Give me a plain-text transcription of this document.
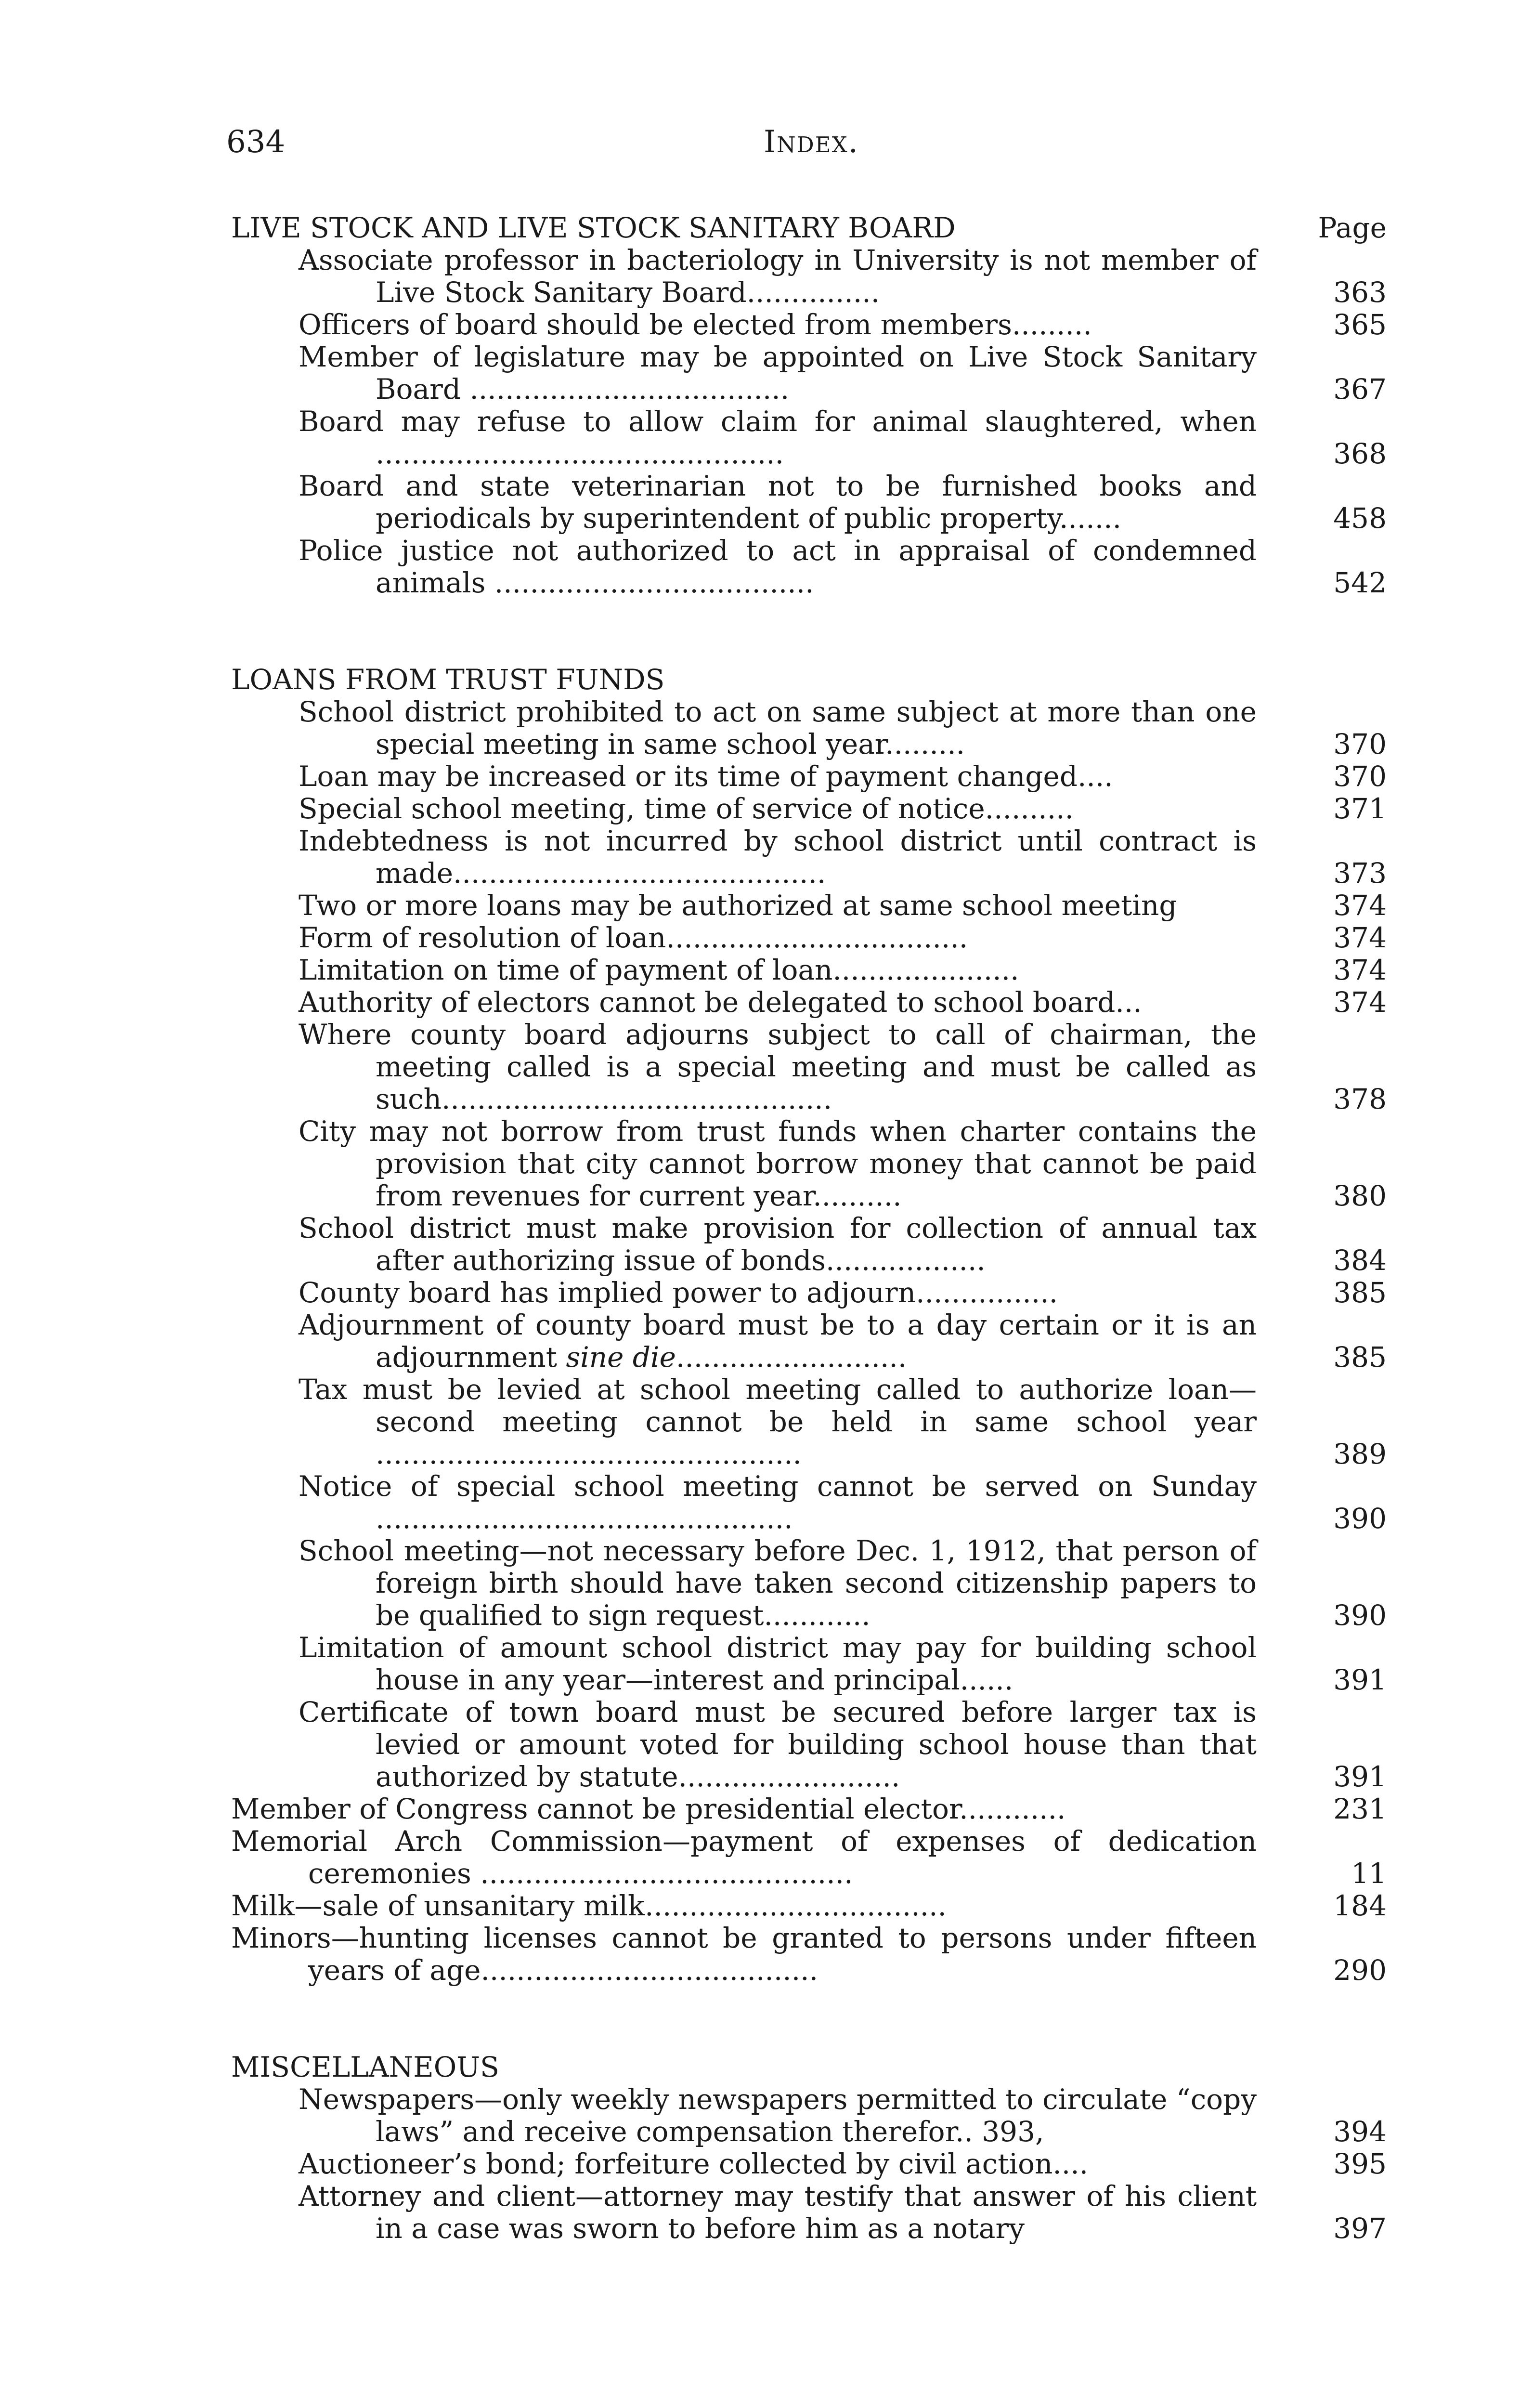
634	Index.
LIVE STOCK AND LIVE STOCK SANITARY BOARD	Page
Associate professor in bacteriology in University is not member of Live Stock Sanitary Board...............	363
Officers of board should be elected from members.........	365
Member of legislature may be appointed on Live Stock Sanitary Board ....................................	367
Board may refuse to allow claim for animal slaughtered, when ..............................................	368
Board and state veterinarian not to be furnished books and periodicals by superintendent of public property.......	458
Police justice not authorized to act in appraisal of condemned animals ....................................	542
LOANS FROM TRUST FUNDS
School district prohibited to act on same subject at more than one special meeting in same school year.........	370
Loan may be increased or its time of payment changed....	370
Special school meeting, time of service of notice..........	371
Indebtedness is not incurred by school district until contract is made..........................................	373
Two or more loans may be authorized at same school meeting	374
Form of resolution of loan..................................	374
Limitation on time of payment of loan.....................	374
Authority of electors cannot be delegated to school board...	374
Where county board adjourns subject to call of chairman, the meeting called is a special meeting and must be called as such............................................	378
City may not borrow from trust funds when charter contains the provision that city cannot borrow money that cannot be paid from revenues for current year..........	380
School district must make provision for collection of annual tax after authorizing issue of bonds..................	384
County board has implied power to adjourn................	385
Adjournment of county board must be to a day certain or it is an adjournment sine die..........................	385
Tax must be levied at school meeting called to authorize loan—second meeting cannot be held in same school year ................................................	389
Notice of special school meeting cannot be served on Sunday ...............................................	390
School meeting—not necessary before Dec. 1, 1912, that person of foreign birth should have taken second citizenship papers to be qualified to sign request............	390
Limitation of amount school district may pay for building school house in any year—interest and principal......	391
Certificate of town board must be secured before larger tax is levied or amount voted for building school house than that authorized by statute.........................	391
Member of Congress cannot be presidential elector............	231
Memorial Arch Commission—payment of expenses of dedication ceremonies ..........................................	11
Milk—sale of unsanitary milk..................................	184
Minors—hunting licenses cannot be granted to persons under fifteen years of age......................................	290
MISCELLANEOUS
Newspapers—only weekly newspapers permitted to circulate “copy laws” and receive compensation therefor.. 393,	394
Auctioneer’s bond; forfeiture collected by civil action....	395
Attorney and client—attorney may testify that answer of his client in a case was sworn to before him as a notary	397
